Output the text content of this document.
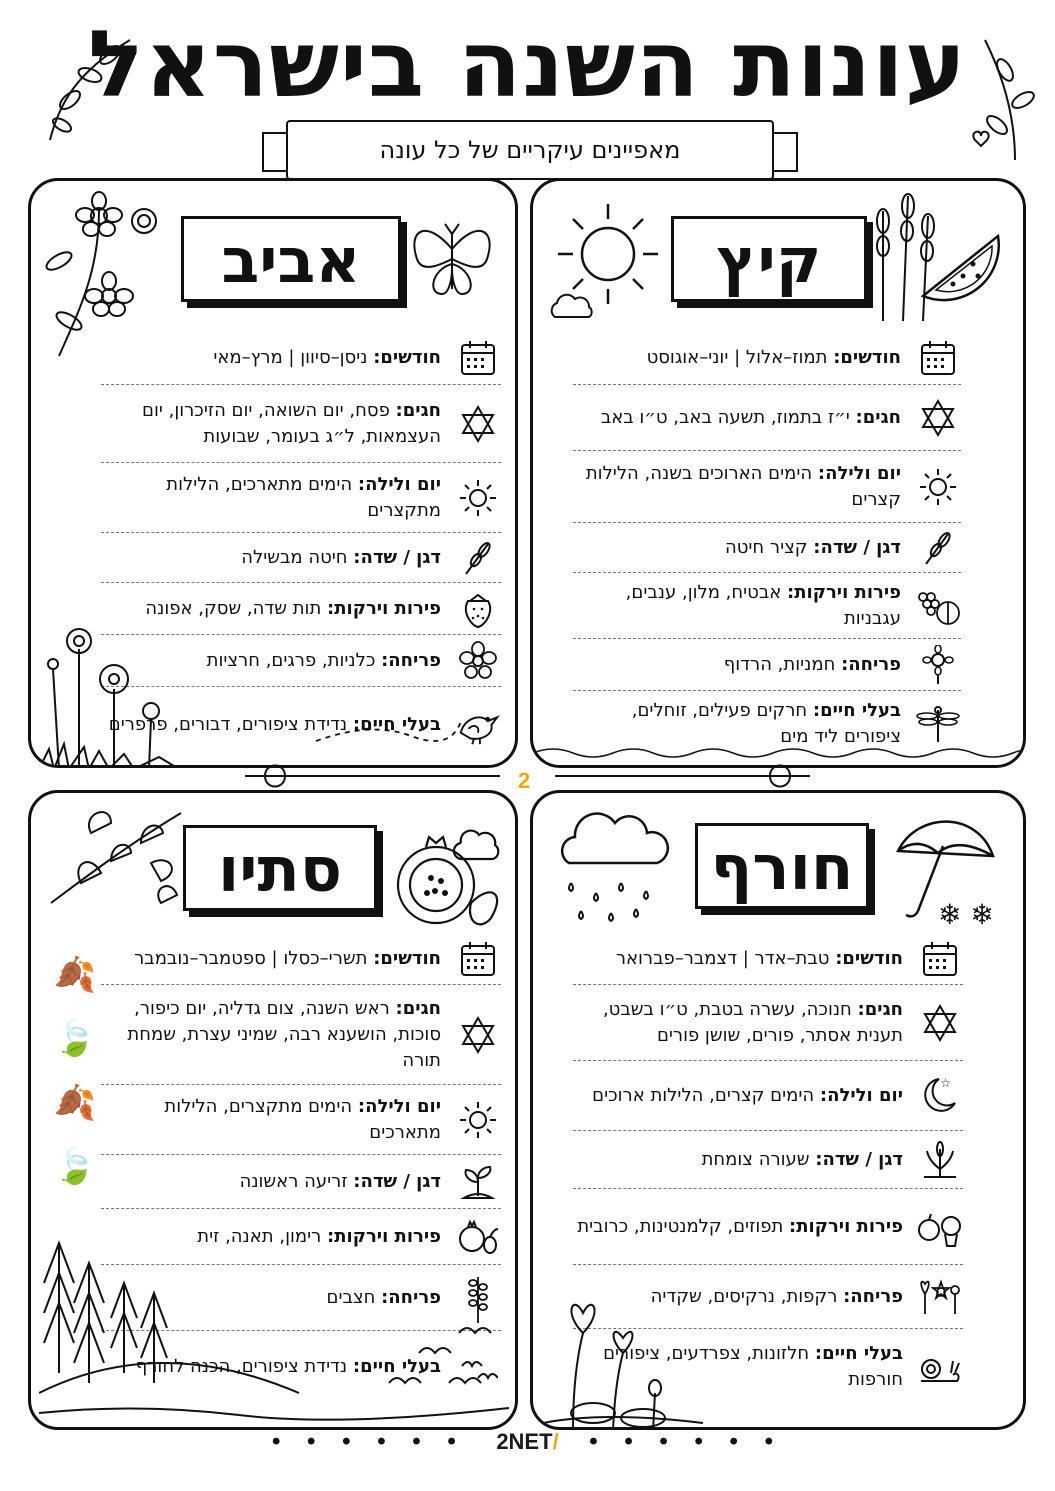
עונות השנה בישראל
מאפיינים עיקריים של כל עונה
קיץ
חודשים: תמוז–אלול | יוני–אוגוסט
חגים: י״ז בתמוז, תשעה באב, ט״ו באב
יום ולילה: הימים הארוכים בשנה, הלילות קצרים
דגן / שדה: קציר חיטה
פירות וירקות: אבטיח, מלון, ענבים, עגבניות
פריחה: חמניות, הרדוף
בעלי חיים: חרקים פעילים, זוחלים, ציפורים ליד מים
אביב
חודשים: ניסן–סיוון | מרץ–מאי
חגים: פסח, יום השואה, יום הזיכרון, יום העצמאות, ל״ג בעומר, שבועות
יום ולילה: הימים מתארכים, הלילות מתקצרים
דגן / שדה: חיטה מבשילה
פירות וירקות: תות שדה, שסק, אפונה
פריחה: כלניות, פרגים, חרציות
בעלי חיים: נדידת ציפורים, דבורים, פרפרים
2
חורף
❄ ❄
חודשים: טבת–אדר | דצמבר–פברואר
חגים: חנוכה, עשרה בטבת, ט״ו בשבט, תענית אסתר, פורים, שושן פורים
☆
יום ולילה: הימים קצרים, הלילות ארוכים
דגן / שדה: שעורה צומחת
פירות וירקות: תפוזים, קלמנטינות, כרובית
פריחה: רקפות, נרקיסים, שקדיה
בעלי חיים: חלזונות, צפרדעים, ציפורים חורפות
סתיו
🍂
🍃
🍂
🍃
חודשים: תשרי–כסלו | ספטמבר–נובמבר
חגים: ראש השנה, צום גדליה, יום כיפור, סוכות, הושענא רבה, שמיני עצרת, שמחת תורה
יום ולילה: הימים מתקצרים, הלילות מתארכים
דגן / שדה: זריעה ראשונה
פירות וירקות: רימון, תאנה, זית
פריחה: חצבים
בעלי חיים: נדידת ציפורים, הכנה לחורף
• • • • • • 2NET/ • • • • • •
